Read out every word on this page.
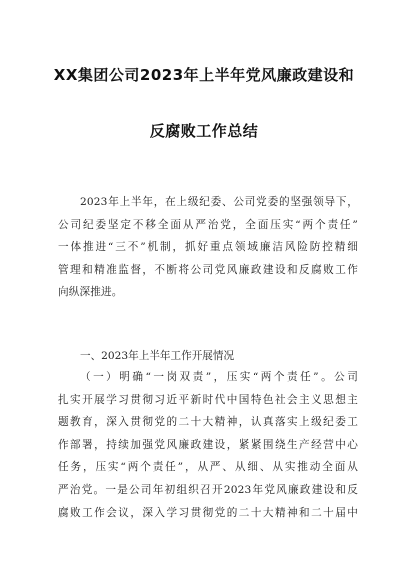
XX集团公司2023年上半年党风廉政建设和
反腐败工作总结
2023年上半年，在上级纪委、公司党委的坚强领导下，
公司纪委坚定不移全面从严治党，全面压实“两个责任”
一体推进“三不”机制，抓好重点领域廉洁风险防控精细
管理和精准监督，不断将公司党风廉政建设和反腐败工作
向纵深推进。
一、2023年上半年工作开展情况
（一）明确“一岗双责”，压实“两个责任”。公司
扎实开展学习贯彻习近平新时代中国特色社会主义思想主
题教育，深入贯彻党的二十大精神，认真落实上级纪委工
作部署，持续加强党风廉政建设，紧紧围绕生产经营中心
任务，压实“两个责任”，从严、从细、从实推动全面从
严治党。一是公司年初组织召开2023年党风廉政建设和反
腐败工作会议，深入学习贯彻党的二十大精神和二十届中
